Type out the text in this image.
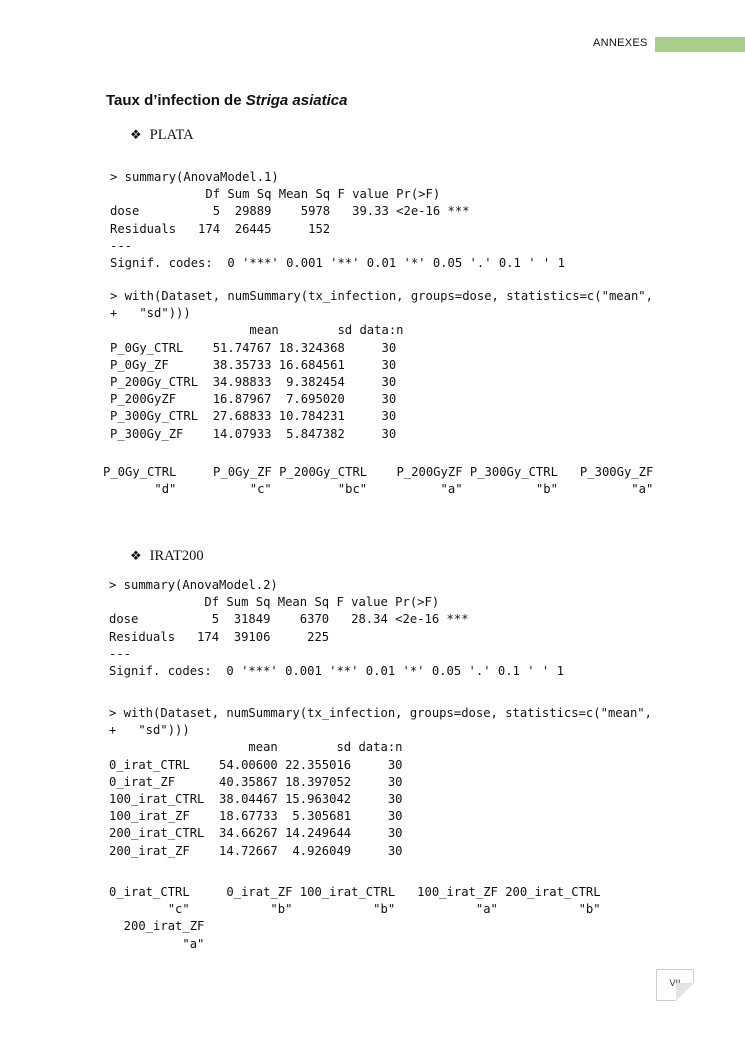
ANNEXES
Taux d’infection de Striga asiatica
❖ PLATA
> summary(AnovaModel.1)
Df Sum Sq Mean Sq F value Pr(>F)
dose          5  29889    5978   39.33 <2e-16 ***
Residuals   174  26445     152
---
Signif. codes:  0 '***' 0.001 '**' 0.01 '*' 0.05 '.' 0.1 ' ' 1
> with(Dataset, numSummary(tx_infection, groups=dose, statistics=c("mean",
+   "sd")))
mean        sd data:n
P_0Gy_CTRL    51.74767 18.324368     30
P_0Gy_ZF      38.35733 16.684561     30
P_200Gy_CTRL  34.98833  9.382454     30
P_200GyZF     16.87967  7.695020     30
P_300Gy_CTRL  27.68833 10.784231     30
P_300Gy_ZF    14.07933  5.847382     30
P_0Gy_CTRL     P_0Gy_ZF P_200Gy_CTRL    P_200GyZF P_300Gy_CTRL   P_300Gy_ZF
"d"          "c"         "bc"          "a"          "b"          "a"
❖ IRAT200
> summary(AnovaModel.2)
Df Sum Sq Mean Sq F value Pr(>F)
dose          5  31849    6370   28.34 <2e-16 ***
Residuals   174  39106     225
---
Signif. codes:  0 '***' 0.001 '**' 0.01 '*' 0.05 '.' 0.1 ' ' 1
> with(Dataset, numSummary(tx_infection, groups=dose, statistics=c("mean",
+   "sd")))
mean        sd data:n
0_irat_CTRL    54.00600 22.355016     30
0_irat_ZF      40.35867 18.397052     30
100_irat_CTRL  38.04467 15.963042     30
100_irat_ZF    18.67733  5.305681     30
200_irat_CTRL  34.66267 14.249644     30
200_irat_ZF    14.72667  4.926049     30
0_irat_CTRL     0_irat_ZF 100_irat_CTRL   100_irat_ZF 200_irat_CTRL
"c"           "b"           "b"           "a"           "b"
200_irat_ZF
"a"
VII
